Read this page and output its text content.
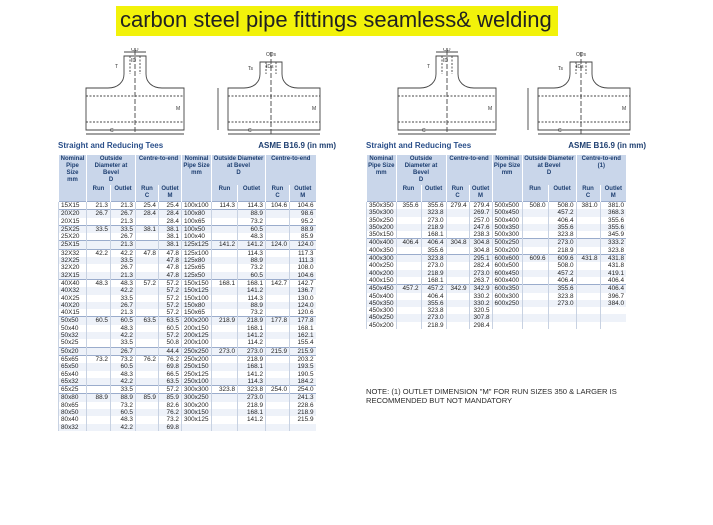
carbon steel pipe fittings seamless& welding
OD
ID
T
M
C
ODs
IDs
Ts
M
C
OD
ID
T
M
C
ODs
IDs
Ts
M
C
Straight and Reducing Tees	ASME B16.9 (in mm)
Nominal Pipe Size
mm	Outside Diameter at Bevel
D		Centre-to-end		Nominal Pipe Size
mm	Outside Diameter at Bevel
D		Centre-to-end	
	Run	Outlet	Run
C	Outlet
M		Run	Outlet	Run
C	Outlet
M
15X15	21.3	21.3	25.4	25.4	100x100	114.3	114.3	104.6	104.6
20X20	26.7	26.7	28.4	28.4	100x80		88.9		98.6
20X15		21.3		28.4	100x65		73.2		95.2
25X25	33.5	33.5	38.1	38.1	100x50		60.5		88.9
25X20		26.7		38.1	100x40		48.3		85.9
25X15		21.3		38.1	125x125	141.2	141.2	124.0	124.0
32X32	42.2	42.2	47.8	47.8	125x100		114.3		117.3
32X25		33.5		47.8	125x80		88.9		111.3
32X20		26.7		47.8	125x65		73.2		108.0
32X15		21.3		47.8	125x50		60.5		104.6
40X40	48.3	48.3	57.2	57.2	150x150	168.1	168.1	142.7	142.7
40X32		42.2		57.2	150x125		141.2		136.7
40X25		33.5		57.2	150x100		114.3		130.0
40X20		26.7		57.2	150x80		88.9		124.0
40X15		21.3		57.2	150x65		73.2		120.6
50x50	60.5	60.5	63.5	63.5	200x200	218.9	218.9	177.8	177.8
50x40		48.3		60.5	200x150		168.1		168.1
50x32		42.2		57.2	200x125		141.2		162.1
50x25		33.5		50.8	200x100		114.2		155.4
50x20		26.7		44.4	250x250	273.0	273.0	215.9	215.9
65x65	73.2	73.2	76.2	76.2	250x200		218.9		203.2
65x50		60.5		69.8	250x150		168.1		193.5
65x40		48.3		66.5	250x125		141.2		190.5
65x32		42.2		63.5	250x100		114.3		184.2
65x25		33.5		57.2	300x300	323.8	323.8	254.0	254.0
80x80	88.9	88.9	85.9	85.9	300x250		273.0		241.3
80x65		73.2		82.6	300x200		218.9		228.6
80x50		60.5		76.2	300x150		168.1		218.9
80x40		48.3		73.2	300x125		141.2		215.9
80x32		42.2		69.8					
Straight and Reducing Tees	ASME B16.9 (in mm)
Nominal Pipe Size
mm	Outside Diameter at Bevel
D		Centre-to-end		Nominal Pipe Size
mm	Outside Diameter at Bevel
D		Centre-to-end
(1)	
	Run	Outlet	Run
C	Outlet
M		Run	Outlet	Run
C	Outlet
M
350x350	355.6	355.6	279.4	279.4	500x500	508.0	508.0	381.0	381.0
350x300		323.8		269.7	500x450		457.2		368.3
350x250		273.0		257.0	500x400		406.4		355.6
350x200		218.9		247.6	500x350		355.6		355.6
350x150		168.1		238.3	500x300		323.8		345.9
400x400	406.4	406.4	304.8	304.8	500x250		273.0		333.2
400x350		355.6		304.8	500x200		218.9		323.8
400x300		323.8		295.1	600x600	609.6	609.6	431.8	431.8
400x250		273.0		282.4	600x500		508.0		431.8
400x200		218.9		273.0	600x450		457.2		419.1
400x150		168.1		263.7	600x400		406.4		406.4
450x450	457.2	457.2	342.9	342.9	600x350		355.6		406.4
450x400		406.4		330.2	600x300		323.8		396.7
450x350		355.6		330.2	600x250		273.0		384.0
450x300		323.8		320.5					
450x250		273.0		307.8					
450x200		218.9		298.4					
NOTE: (1) OUTLET DIMENSION "M" FOR RUN SIZES 350 & LARGER IS RECOMMENDED BUT NOT MANDATORY
